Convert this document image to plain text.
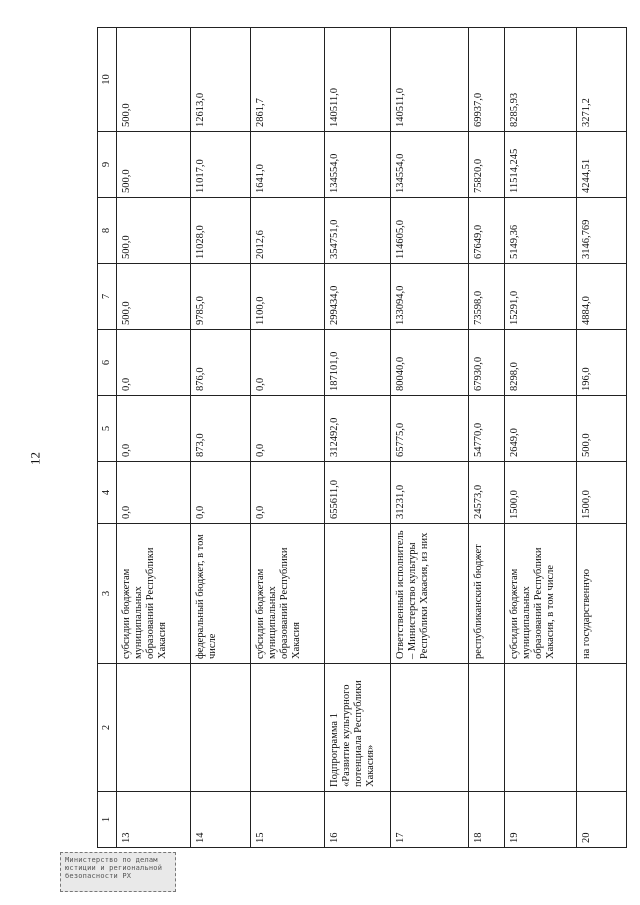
12
1	2	3	4	5	6	7	8	9	10
13		субсидии бюджетам муниципальных образований Республики Хакасия	0,0	0,0	0,0	500,0	500,0	500,0	500,0
14		федеральный бюджет, в том числе	0,0	873,0	876,0	9785,0	11028,0	11017,0	12613,0
15		субсидии бюджетам муниципальных образований Республики Хакасия	0,0	0,0	0,0	1100,0	2012,6	1641,0	2861,7
16	Подпрограмма 1 «Развитие культурного потенциала Республики Хакасия»		655611,0	312492,0	187101,0	299434,0	354751,0	134554,0	140511,0
17		Ответственный исполнитель – Министерство культуры Республики Хакасия, из них	31231,0	65775,0	80040,0	133094,0	114605,0	134554,0	140511,0
18		республиканский бюджет	24573,0	54770,0	67930,0	73598,0	67649,0	75820,0	69937,0
19		субсидии бюджетам муниципальных образований Республики Хакасия, в том числе	1500,0	2649,0	8298,0	15291,0	5149,36	11514,245	8285,93
20		на государственную	1500,0	500,0	196,0	4884,0	3146,769	4244,51	3271,2
Министерство по делам юстиции и региональной безопасности РХ
